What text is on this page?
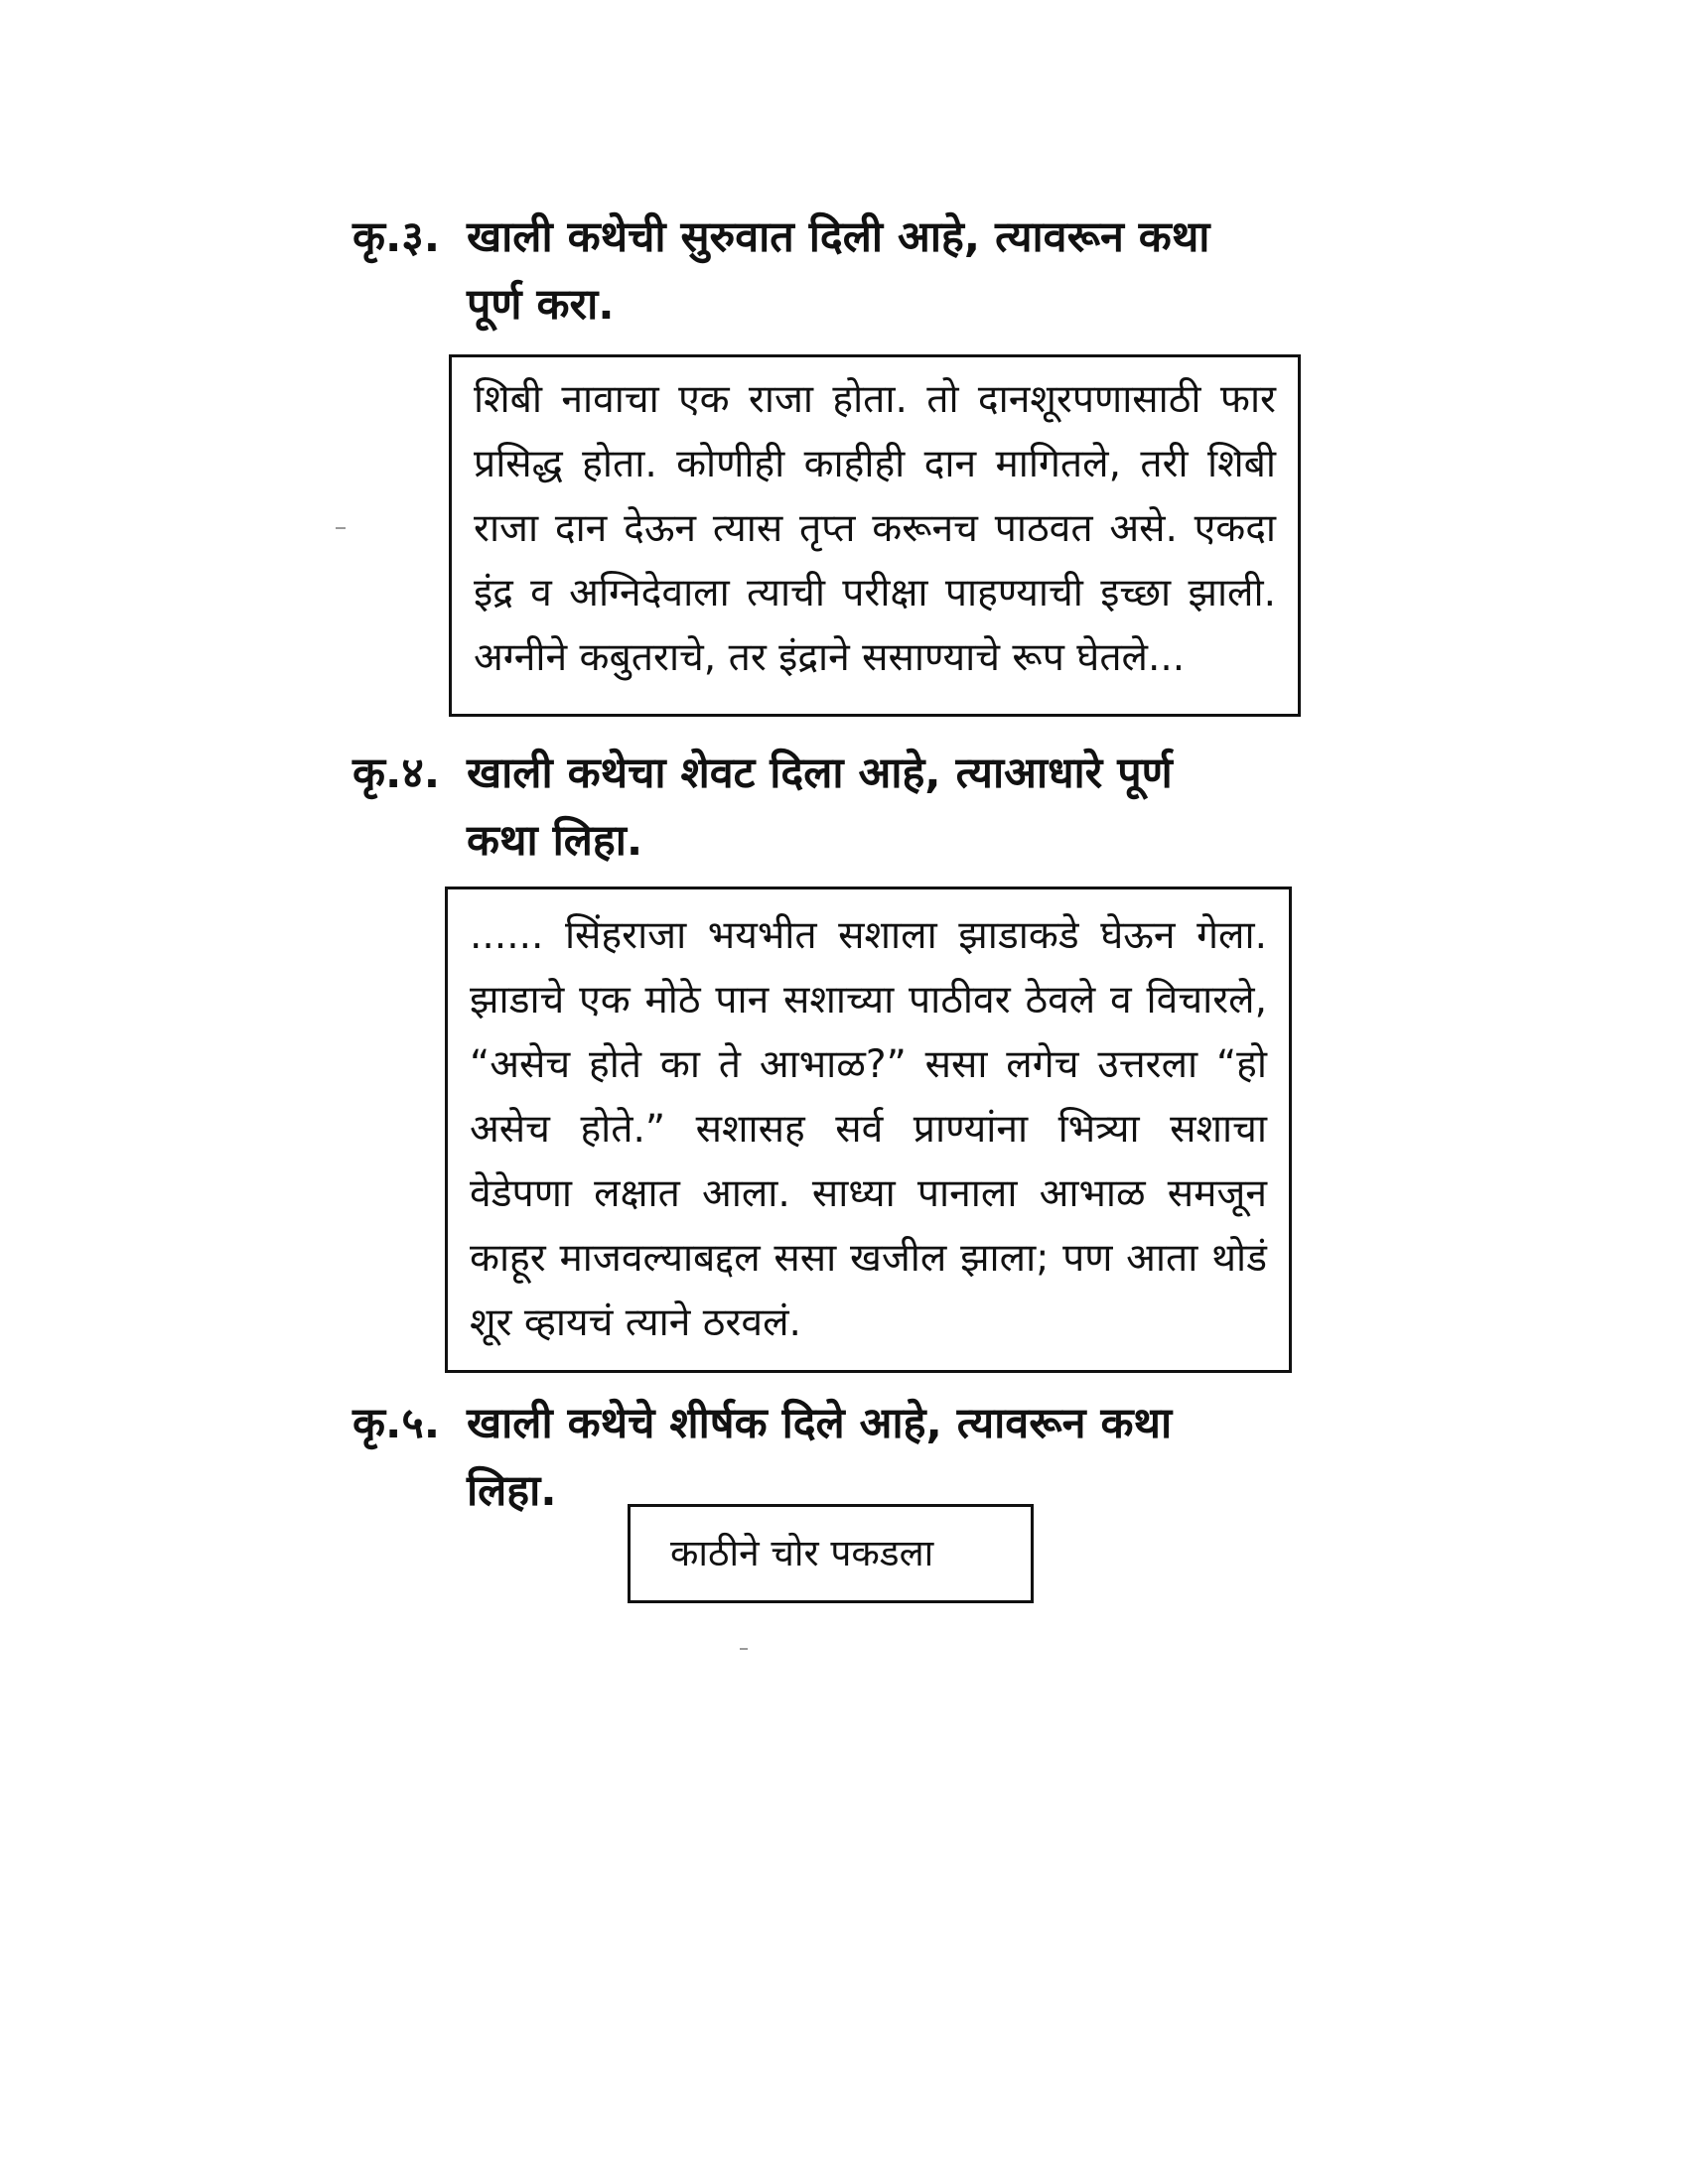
कृ.३. खाली कथेची सुरुवात दिली आहे, त्यावरून कथा
पूर्ण करा.
शिबी नावाचा एक राजा होता. तो दानशूरपणासाठी फार प्रसिद्ध होता. कोणीही काहीही दान मागितले, तरी शिबी राजा दान देऊन त्यास तृप्त करूनच पाठवत असे. एकदा इंद्र व अग्निदेवाला त्याची परीक्षा पाहण्याची इच्छा झाली. अग्नीने कबुतराचे, तर इंद्राने ससाण्याचे रूप घेतले...
कृ.४. खाली कथेचा शेवट दिला आहे, त्याआधारे पूर्ण
कथा लिहा.
...... सिंहराजा भयभीत सशाला झाडाकडे घेऊन गेला. झाडाचे एक मोठे पान सशाच्या पाठीवर ठेवले व विचारले, “असेच होते का ते आभाळ?” ससा लगेच उत्तरला “हो असेच होते.” सशासह सर्व प्राण्यांना भित्र्या सशाचा वेडेपणा लक्षात आला. साध्या पानाला आभाळ समजून काहूर माजवल्याबद्दल ससा खजील झाला; पण आता थोडं शूर व्हायचं त्याने ठरवलं.
कृ.५. खाली कथेचे शीर्षक दिले आहे, त्यावरून कथा
लिहा.
काठीने चोर पकडला
